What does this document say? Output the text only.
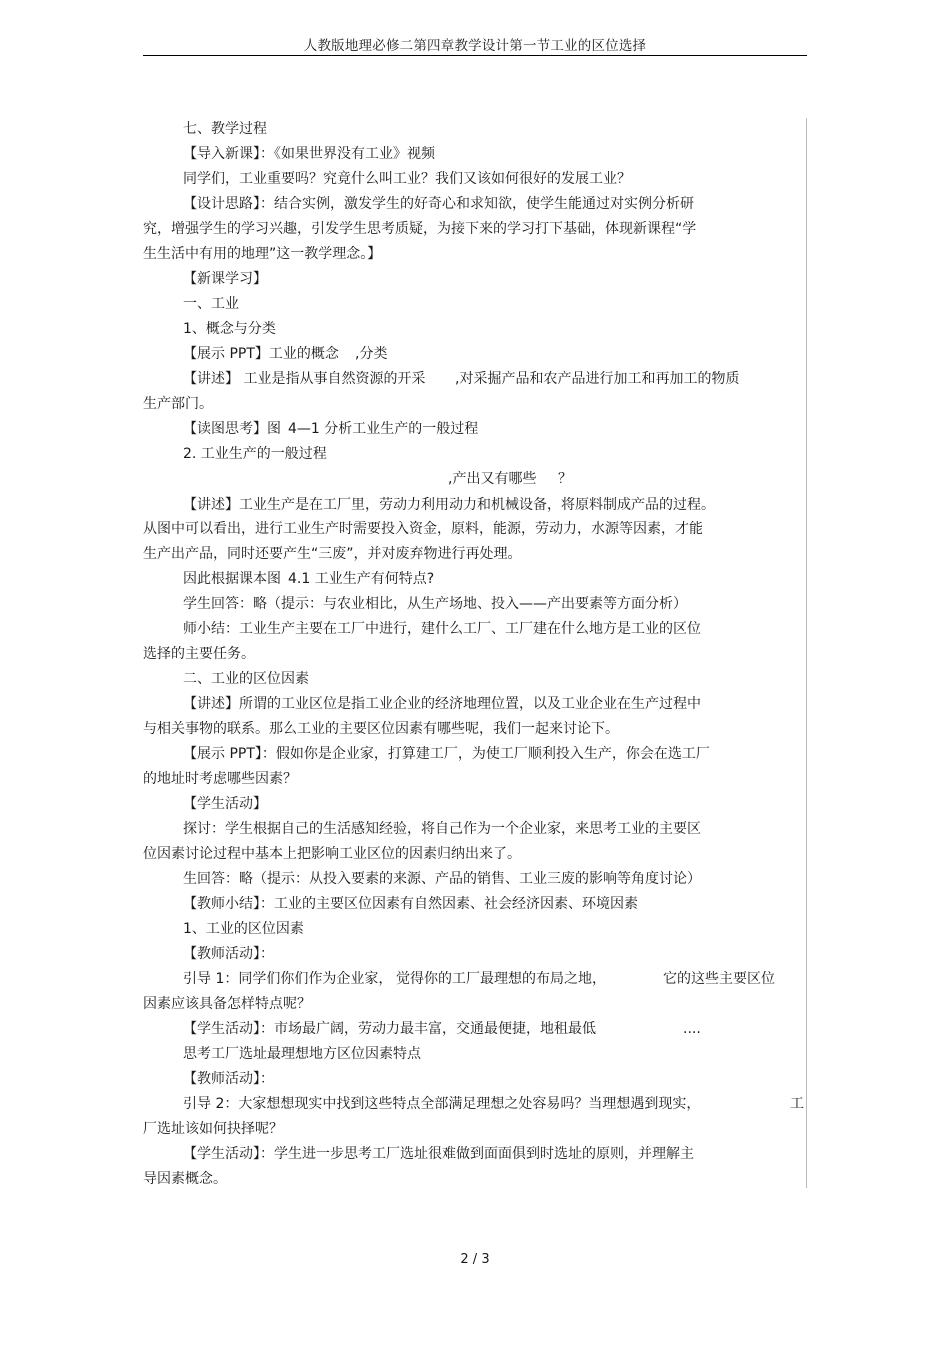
人教版地理必修二第四章教学设计第一节工业的区位选择
七、教学过程
【导入新课】：《如果世界没有工业》视频
同学们，工业重要吗？究竟什么叫工业？我们又该如何很好的发展工业？
【设计思路】：结合实例，激发学生的好奇心和求知欲，使学生能通过对实例分析研
究，增强学生的学习兴趣，引发学生思考质疑，为接下来的学习打下基础，体现新课程“学
生生活中有用的地理”这一教学理念。】
【新课学习】
一、工业
1、概念与分类
【展示 PPT】工业的概念 ,分类
【讲述】 工业是指从事自然资源的开采 ,对采掘产品和农产品进行加工和再加工的物质
生产部门。
【读图思考】图 4—1 分析工业生产的一般过程
2. 工业生产的一般过程
,产出又有哪些 ？
【讲述】工业生产是在工厂里，劳动力利用动力和机械设备，将原料制成产品的过程。
从图中可以看出，进行工业生产时需要投入资金，原料，能源，劳动力，水源等因素，才能
生产出产品，同时还要产生“三废”，并对废弃物进行再处理。
因此根据课本图 4.1 工业生产有何特点?
学生回答：略（提示：与农业相比，从生产场地、投入——产出要素等方面分析）
师小结：工业生产主要在工厂中进行，建什么工厂、工厂建在什么地方是工业的区位
选择的主要任务。
二、工业的区位因素
【讲述】所谓的工业区位是指工业企业的经济地理位置，以及工业企业在生产过程中
与相关事物的联系。那么工业的主要区位因素有哪些呢，我们一起来讨论下。
【展示 PPT】：假如你是企业家，打算建工厂，为使工厂顺利投入生产，你会在选工厂
的地址时考虑哪些因素？
【学生活动】
探讨：学生根据自己的生活感知经验，将自己作为一个企业家，来思考工业的主要区
位因素讨论过程中基本上把影响工业区位的因素归纳出来了。
生回答：略（提示：从投入要素的来源、产品的销售、工业三废的影响等角度讨论）
【教师小结】：工业的主要区位因素有自然因素、社会经济因素、环境因素
1、工业的区位因素
【教师活动】：
引导 1：同学们你们作为企业家， 觉得你的工厂最理想的布局之地，	它的这些主要区位
因素应该具备怎样特点呢？
【学生活动】：市场最广阔，劳动力最丰富，交通最便捷，地租最低	....
思考工厂选址最理想地方区位因素特点
【教师活动】：
引导 2：大家想想现实中找到这些特点全部满足理想之处容易吗？当理想遇到现实，	工
厂选址该如何抉择呢？
【学生活动】：学生进一步思考工厂选址很难做到面面俱到时选址的原则，并理解主
导因素概念。
2 / 3
